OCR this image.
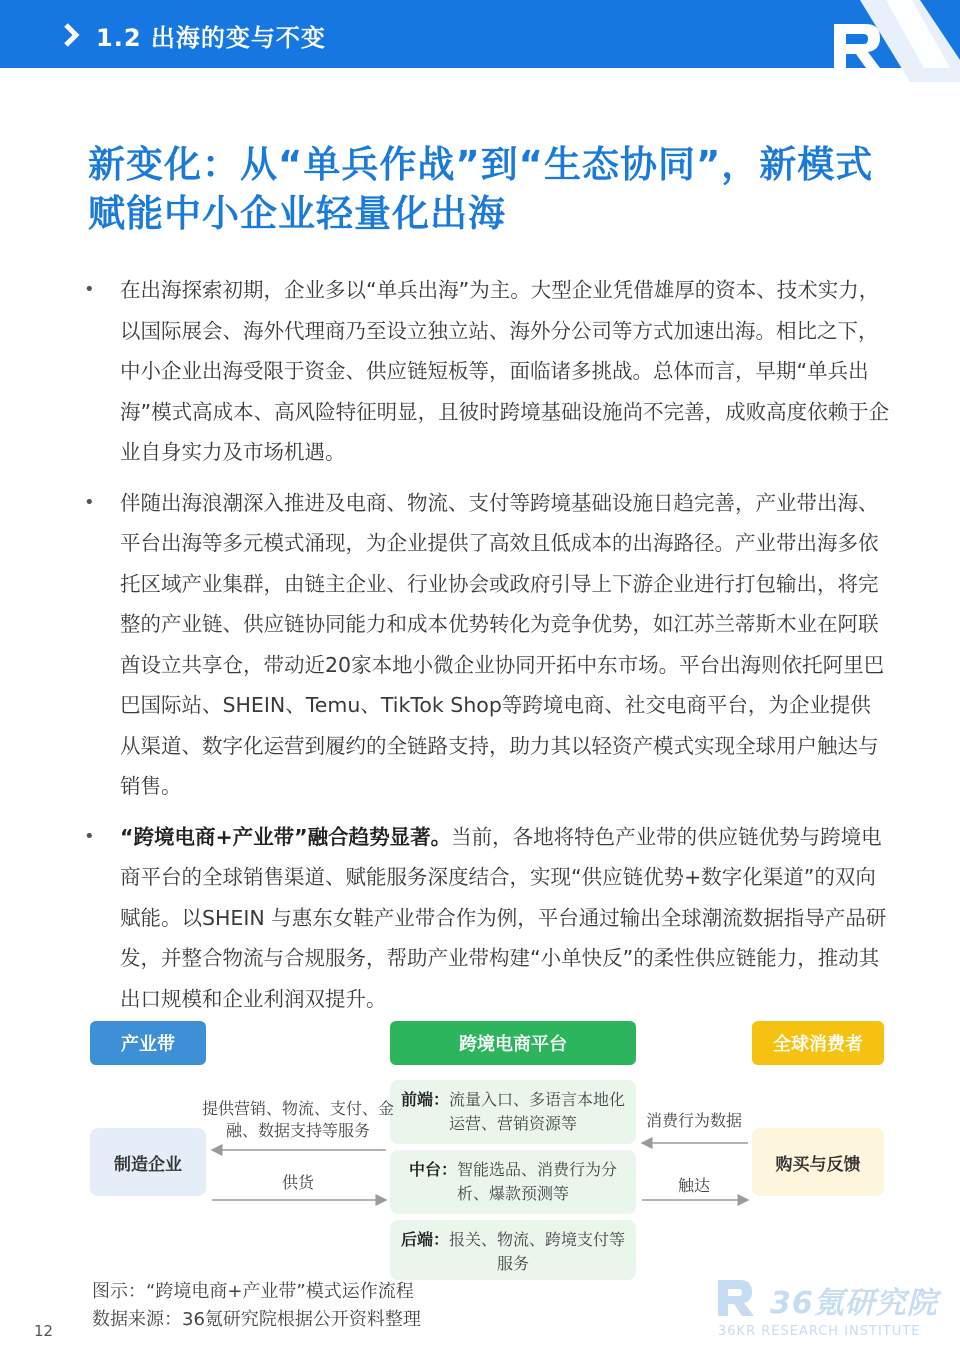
1.2 出海的变与不变
新变化：从“单兵作战”到“生态协同”，新模式赋能中小企业轻量化出海
• 在出海探索初期，企业多以“单兵出海”为主。大型企业凭借雄厚的资本、技术实力，以国际展会、海外代理商乃至设立独立站、海外分公司等方式加速出海。相比之下，中小企业出海受限于资金、供应链短板等，面临诸多挑战。总体而言，早期“单兵出海”模式高成本、高风险特征明显，且彼时跨境基础设施尚不完善，成败高度依赖于企业自身实力及市场机遇。
• 伴随出海浪潮深入推进及电商、物流、支付等跨境基础设施日趋完善，产业带出海、平台出海等多元模式涌现，为企业提供了高效且低成本的出海路径。产业带出海多依托区域产业集群，由链主企业、行业协会或政府引导上下游企业进行打包输出，将完整的产业链、供应链协同能力和成本优势转化为竞争优势，如江苏兰蒂斯木业在阿联酋设立共享仓，带动近20家本地小微企业协同开拓中东市场。平台出海则依托阿里巴巴国际站、SHEIN、Temu、TikTok Shop等跨境电商、社交电商平台，为企业提供从渠道、数字化运营到履约的全链路支持，助力其以轻资产模式实现全球用户触达与销售。
• “跨境电商+产业带”融合趋势显著。当前，各地将特色产业带的供应链优势与跨境电商平台的全球销售渠道、赋能服务深度结合，实现“供应链优势+数字化渠道”的双向赋能。以SHEIN 与惠东女鞋产业带合作为例，平台通过输出全球潮流数据指导产品研发，并整合物流与合规服务，帮助产业带构建“小单快反”的柔性供应链能力，推动其出口规模和企业利润双提升。
产业带	跨境电商平台	全球消费者
制造企业	购买与反馈
前端：流量入口、多语言本地化运营、营销资源等
中台：智能选品、消费行为分析、爆款预测等
后端：报关、物流、跨境支付等服务
提供营销、物流、支付、金融、数据支持等服务
供货
消费行为数据
触达
图示：“跨境电商+产业带”模式运作流程
数据来源：36氪研究院根据公开资料整理
12
36氪研究院
36KR RESEARCH INSTITUTE
